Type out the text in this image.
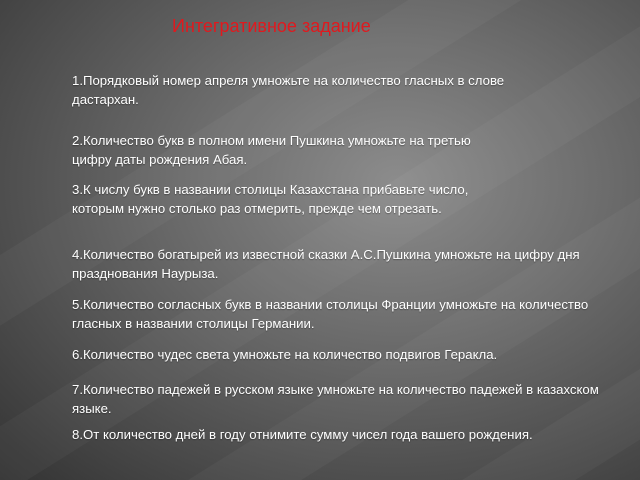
Интегративное задание

1.Порядковый номер апреля умножьте на количество гласных в слове дастархан.

2.Количество букв в полном имени Пушкина умножьте на третью цифру даты рождения Абая.

3.К числу букв в названии столицы Казахстана прибавьте число, которым нужно столько раз отмерить, прежде чем отрезать.

4.Количество богатырей из известной сказки А.С.Пушкина умножьте на цифру дня празднования Наурыза.

5.Количество согласных букв в названии столицы Франции умножьте на количество гласных в названии столицы Германии.

6.Количество чудес света умножьте на количество подвигов Геракла.

7.Количество падежей в русском языке умножьте на количество падежей в казахском языке.

8.От количество дней в году отнимите сумму чисел года вашего рождения.
